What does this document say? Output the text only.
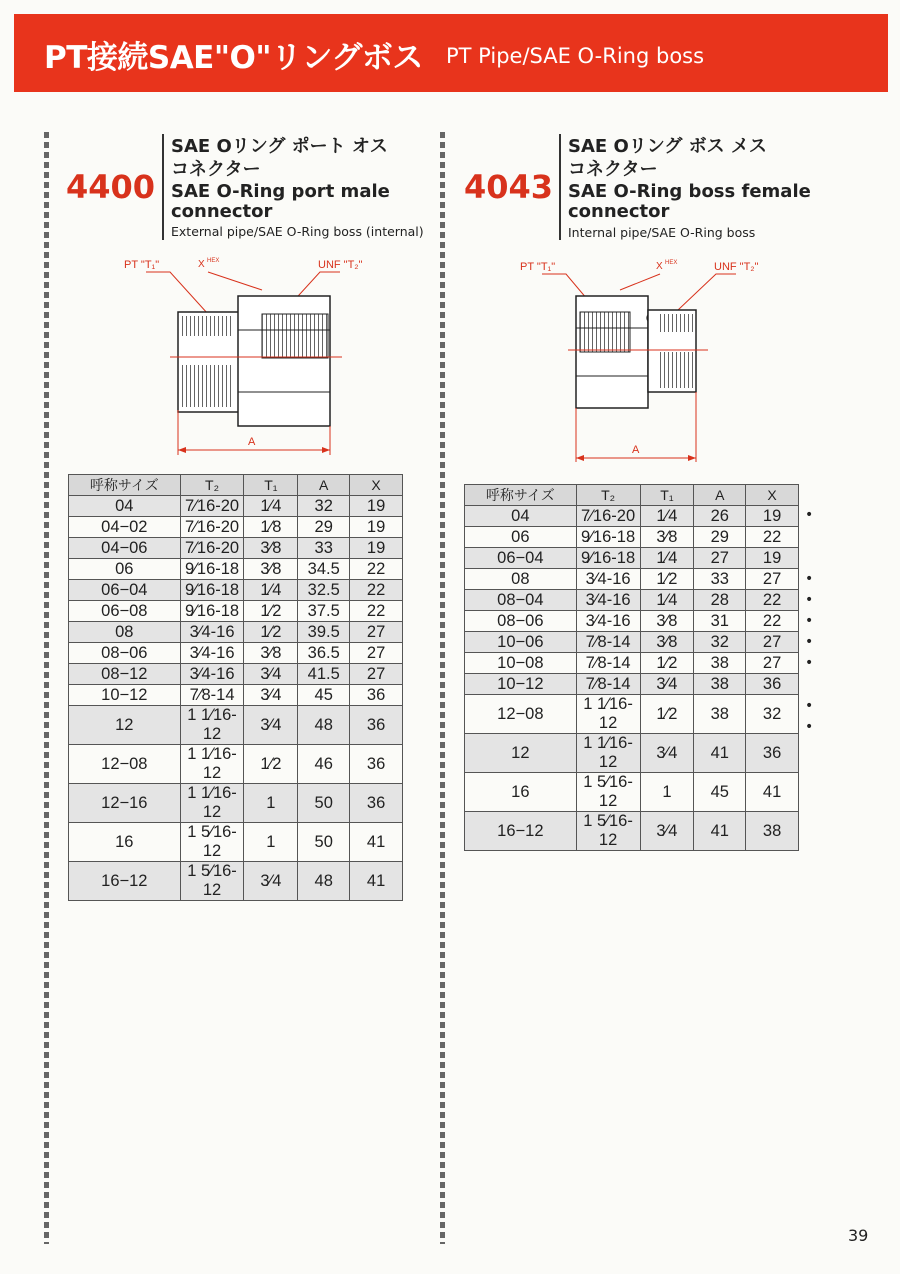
PT接続SAE"O"リングボス PT Pipe/SAE O-Ring boss
4400
SAE Oリング ポート オス
コネクター
SAE O-Ring port male
connector
External pipe/SAE O-Ring boss (internal)
PT "T₁"	X HEX	UNF "T₂"
A
呼称サイズ	T₂	T₁	A	X
04	7⁄16-20	1⁄4	32	19
04−02	7⁄16-20	1⁄8	29	19
04−06	7⁄16-20	3⁄8	33	19
06	9⁄16-18	3⁄8	34.5	22
06−04	9⁄16-18	1⁄4	32.5	22
06−08	9⁄16-18	1⁄2	37.5	22
08	3⁄4-16	1⁄2	39.5	27
08−06	3⁄4-16	3⁄8	36.5	27
08−12	3⁄4-16	3⁄4	41.5	27
10−12	7⁄8-14	3⁄4	45	36
12	1 1⁄16-12	3⁄4	48	36
12−08	1 1⁄16-12	1⁄2	46	36
12−16	1 1⁄16-12	1	50	36
16	1 5⁄16-12	1	50	41
16−12	1 5⁄16-12	3⁄4	48	41
4043
SAE Oリング ボス メス
コネクター
SAE O-Ring boss female
connector
Internal pipe/SAE O-Ring boss
PT "T₁"	X HEX	UNF "T₂"
A
呼称サイズ	T₂	T₁	A	X
04	7⁄16-20	1⁄4	26	19
06	9⁄16-18	3⁄8	29	22
06−04	9⁄16-18	1⁄4	27	19
08	3⁄4-16	1⁄2	33	27
08−04	3⁄4-16	1⁄4	28	22
08−06	3⁄4-16	3⁄8	31	22
10−06	7⁄8-14	3⁄8	32	27
10−08	7⁄8-14	1⁄2	38	27
10−12	7⁄8-14	3⁄4	38	36
12−08	1 1⁄16-12	1⁄2	38	32
12	1 1⁄16-12	3⁄4	41	36
16	1 5⁄16-12	1	45	41
16−12	1 5⁄16-12	3⁄4	41	38
•
•
•
•
•
•
•
•
39
